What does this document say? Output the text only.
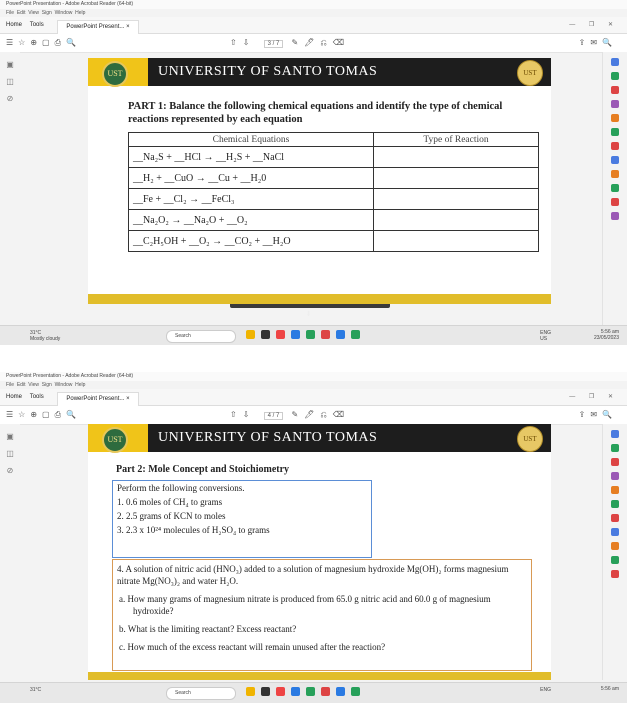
PowerPoint Presentation - Adobe Acrobat Reader (64-bit)
File Edit View Sign Window Help
Home Tools	PowerPoint Present... ×	— ❐ ✕
☰☆⊕▢⎙🔍	⇧⇩ 3 / 7 ✎🖊⎌⌫	⇪✉🔍
▣
◫
⊘
UST	UNIVERSITY OF SANTO TOMAS	UST
PART 1: Balance the following chemical equations and identify the type of chemical reactions represented by each equation
Chemical Equations	Type of Reaction
__Na₂S + __HCl → __H₂S + __NaCl	
__H₂ + __CuO → __Cu + __H₂0	
__Fe + __Cl₂ → __FeCl₃	
__Na₂O₂ → __Na₂O + __O₂	
__C₂H₅OH + __O₂ → __CO₂ + __H₂O	
⬇
31°C
Mostly cloudy	Search	ENG
US
5:56 am
23/05/2023
PowerPoint Presentation - Adobe Acrobat Reader (64-bit)
File Edit View Sign Window Help
Home Tools	PowerPoint Present... ×	— ❐ ✕
☰☆⊕▢⎙🔍	⇧⇩ 4 / 7 ✎🖊⎌⌫	⇪✉🔍
▣
◫
⊘
UST	UNIVERSITY OF SANTO TOMAS	UST
Part 2: Mole Concept and Stoichiometry
Perform the following conversions.
1. 0.6 moles of CH₄ to grams
2. 2.5 grams of KCN to moles
3. 2.3 x 10²⁴ molecules of H₂SO₄ to grams
4. A solution of nitric acid (HNO₃) added to a solution of magnesium hydroxide Mg(OH)₂ forms magnesium nitrate Mg(NO₃)₂ and water H₂O.
a. How many grams of magnesium nitrate is produced from 65.0 g nitric acid and 60.0 g of magnesium hydroxide?
b. What is the limiting reactant? Excess reactant?
c. How much of the excess reactant will remain unused after the reaction?
31°C	Search	ENG	5:56 am
